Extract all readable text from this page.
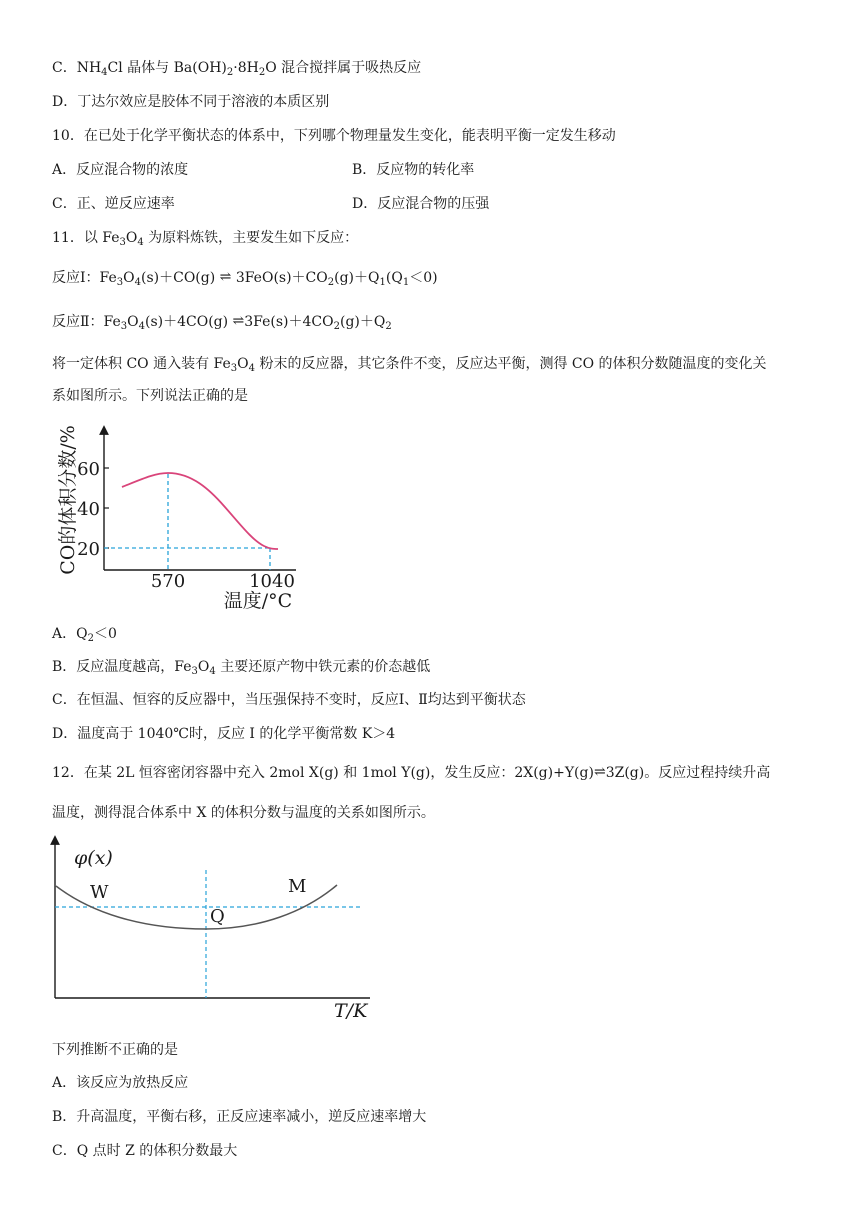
C．$NH_4Cl$ 晶体与 $Ba(OH)_2\cdot 8H_2O$ 混合搅拌属于吸热反应
D．丁达尔效应是胶体不同于溶液的本质区别
10．在已处于化学平衡状态的体系中，下列哪个物理量发生变化，能表明平衡一定发生移动
A．反应混合物的浓度	B．反应物的转化率
C．正、逆反应速率	D．反应混合物的压强
11．以 $Fe_3O_4$ 为原料炼铁，主要发生如下反应：
反应Ⅰ：$Fe_3O_4(s)+CO(g)$ ⇌ $3FeO(s)+CO_2(g)+Q_1(Q_1<0)$
反应Ⅱ：$Fe_3O_4(s)+4CO(g)$ $\rightleftharpoons 3Fe(s)+4CO_2(g)+Q_2$
将一定体积 CO 通入装有 $Fe_3O_4$ 粉末的反应器，其它条件不变，反应达平衡，测得 CO 的体积分数随温度的变化关
系如图所示。下列说法正确的是
CO的体积分数/%
60
40
20
570	1040
温度/°C
A．$Q_2<0$
B．反应温度越高，$Fe_3O_4$ 主要还原产物中铁元素的价态越低
C．在恒温、恒容的反应器中，当压强保持不变时，反应Ⅰ、Ⅱ均达到平衡状态
D．温度高于 1040℃时，反应 I 的化学平衡常数 K＞4
12．在某 2L 恒容密闭容器中充入 2mol X(g) 和 1mol Y(g)，发生反应：2X(g)+Y(g)⇌3Z(g)。反应过程持续升高
温度，测得混合体系中 X 的体积分数与温度的关系如图所示。
φ(x)
T/K
W
Q
M
下列推断不正确的是
A．该反应为放热反应
B．升高温度，平衡右移，正反应速率减小，逆反应速率增大
C．Q 点时 Z 的体积分数最大
